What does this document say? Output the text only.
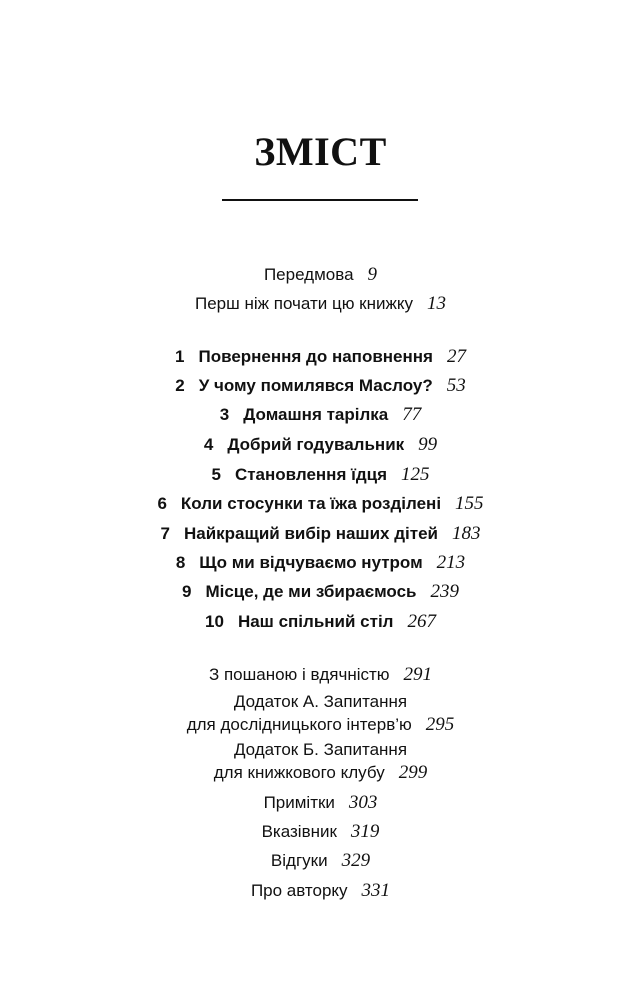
ЗМІСТ
Передмова 9
Перш ніж почати цю книжку 13
1 Повернення до наповнення 27
2 У чому помилявся Маслоу? 53
3 Домашня тарілка 77
4 Добрий годувальник 99
5 Становлення їдця 125
6 Коли стосунки та їжа розділені 155
7 Найкращий вибір наших дітей 183
8 Що ми відчуваємо нутром 213
9 Місце, де ми збираємось 239
10 Наш спільний стіл 267
З пошаною і вдячністю 291
Додаток А. Запитання
для дослідницького інтерв’ю 295
Додаток Б. Запитання
для книжкового клубу 299
Примітки 303
Вказівник 319
Відгуки 329
Про авторку 331
